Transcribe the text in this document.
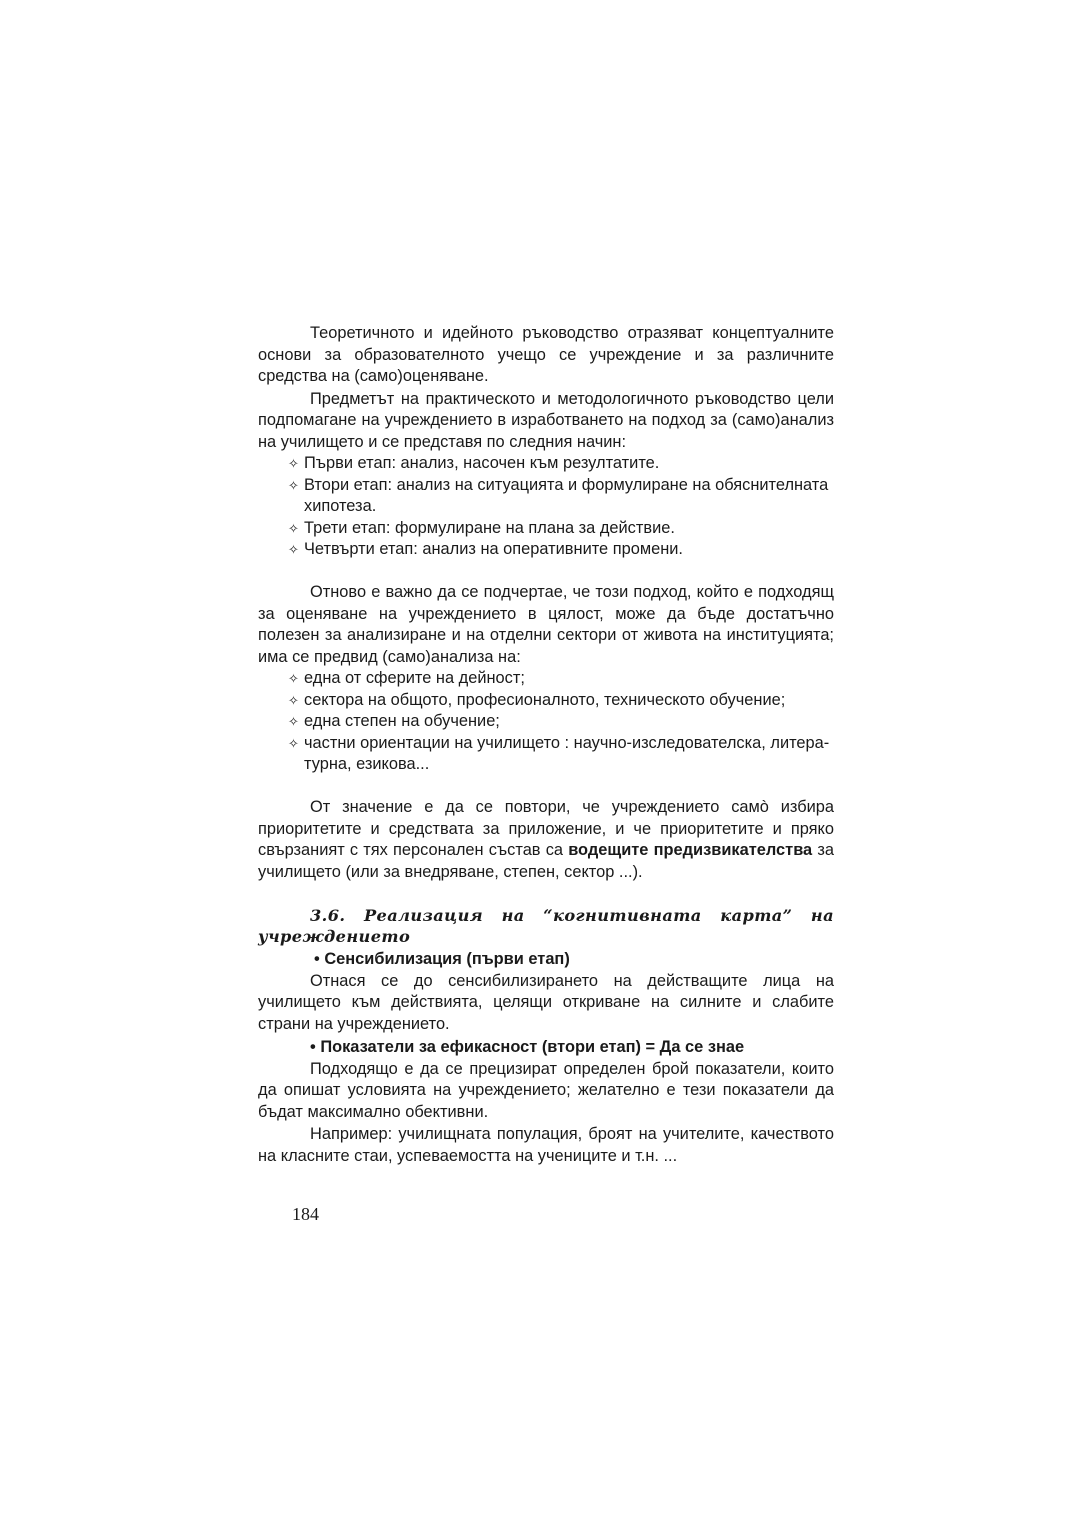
Теоретичното и идейното ръководство отразяват концептуалните основи за образователното учещо се учреждение и за различните средства на (само)оценяване.

Предметът на практическото и методологичното ръководство цели подпомагане на учреждението в изработването на подход за (само)анализ на училището и се представя по следния начин:

✧ Първи етап: анализ, насочен към резултатите.
✧ Втори етап: анализ на ситуацията и формулиране на обяснителната хипотеза.
✧ Трети етап: формулиране на плана за действие.
✧ Четвърти етап: анализ на оперативните промени.

Отново е важно да се подчертае, че този подход, който е подходящ за оценяване на учреждението в цялост, може да бъде достатъчно полезен за анализиране и на отделни сектори от живота на институцията; има се предвид (само)анализа на:

✧ една от сферите на дейност;
✧ сектора на общото, професионалното, техническото обучение;
✧ една степен на обучение;
✧ частни ориентации на училището : научно-изследователска, литера-турна, езикова...

От значение е да се повтори, че учреждението самò избира приоритетите и средствата за приложение, и че приоритетите и пряко свързаният с тях персонален състав са водещите предизвикателства за училището (или за внедряване, степен, сектор ...).

3.6. Реализация на “когнитивната карта” на учреждението

• Сенсибилизация (първи етап)

Отнася се до сенсибилизирането на действащите лица на училището към действията, целящи откриване на силните и слабите страни на учреждението.

• Показатели за ефикасност (втори етап) = Да се знае

Подходящо е да се прецизират определен брой показатели, които да опишат условията на учреждението; желателно е тези показатели да бъдат максимално обективни.

Например: училищната популация, броят на учителите, качеството на класните стаи, успеваемостта на учениците и т.н. ...

184
